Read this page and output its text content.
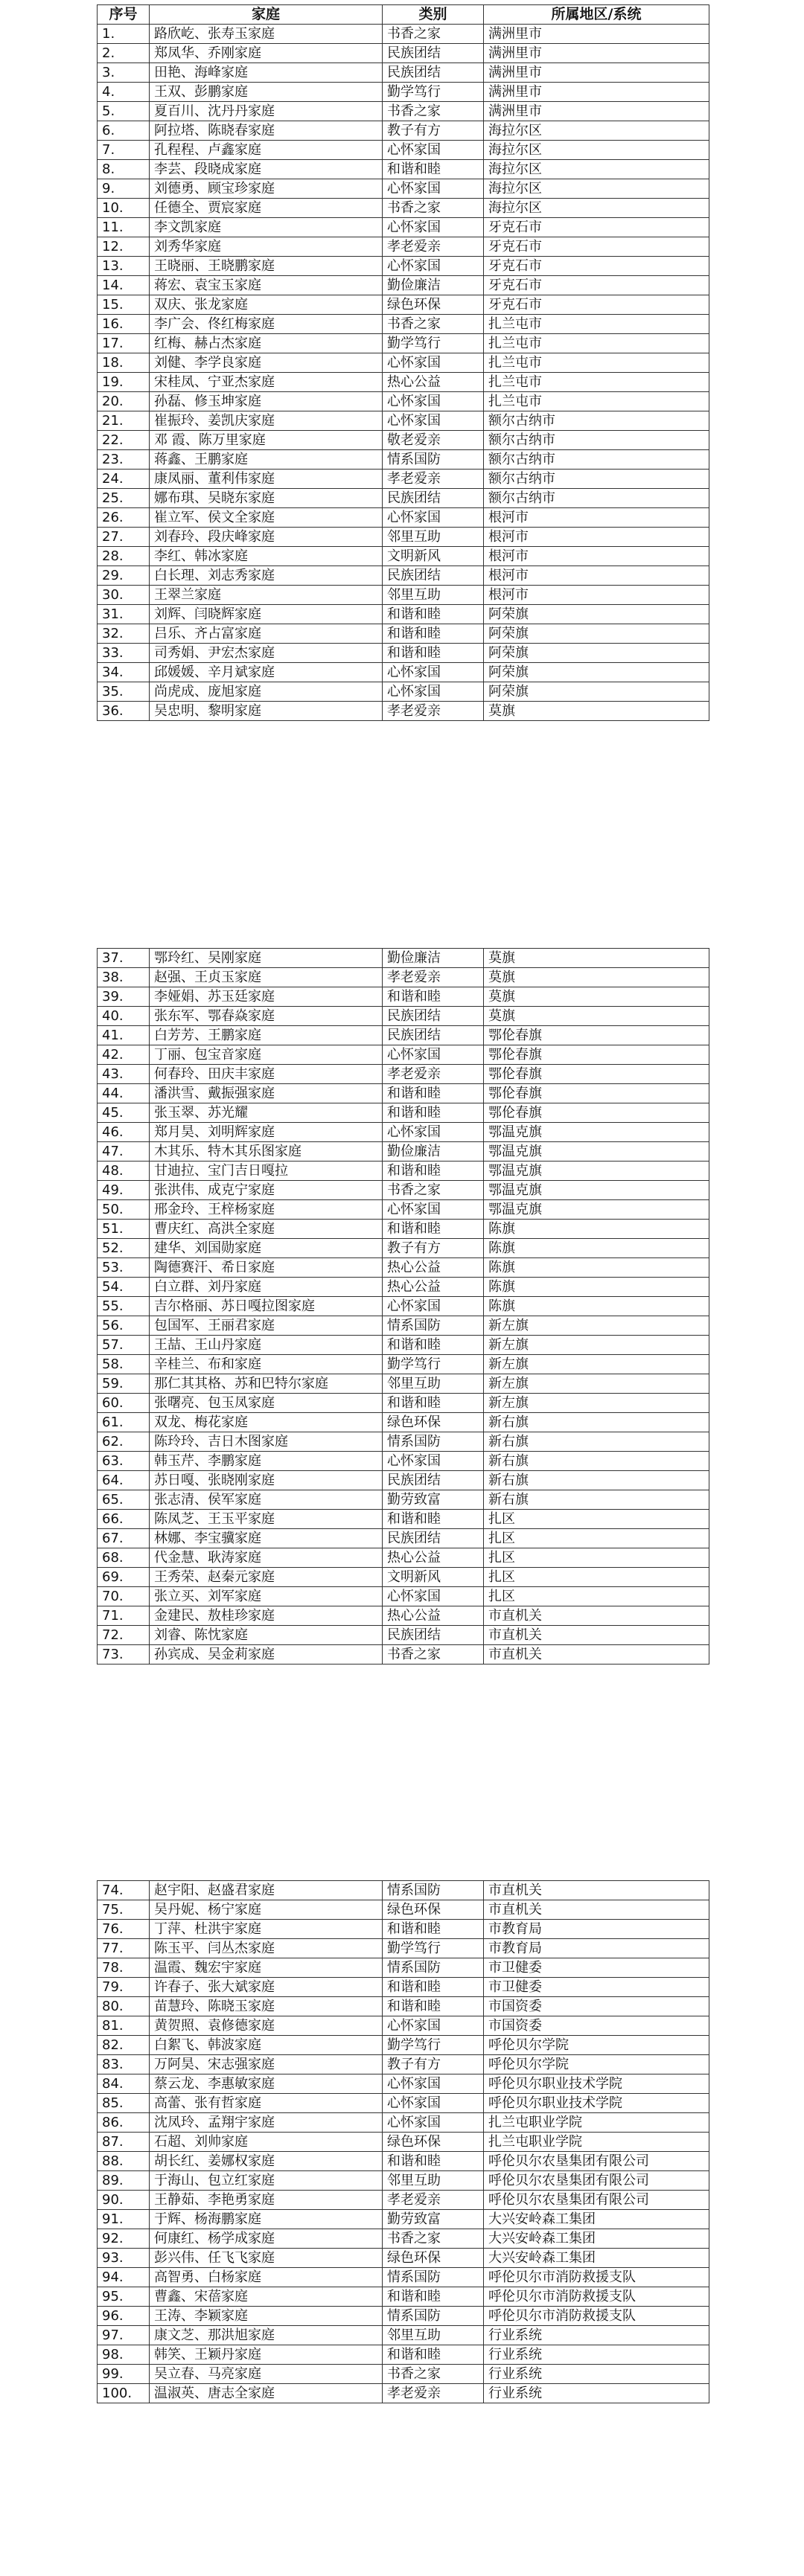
序号	家庭	类别	所属地区/系统
1.	路欣屹、张寿玉家庭	书香之家	满洲里市
2.	郑凤华、乔刚家庭	民族团结	满洲里市
3.	田艳、海峰家庭	民族团结	满洲里市
4.	王双、彭鹏家庭	勤学笃行	满洲里市
5.	夏百川、沈丹丹家庭	书香之家	满洲里市
6.	阿拉塔、陈晓春家庭	教子有方	海拉尔区
7.	孔程程、卢鑫家庭	心怀家国	海拉尔区
8.	李芸、段晓成家庭	和谐和睦	海拉尔区
9.	刘德勇、顾宝珍家庭	心怀家国	海拉尔区
10.	任德全、贾宸家庭	书香之家	海拉尔区
11.	李文凯家庭	心怀家国	牙克石市
12.	刘秀华家庭	孝老爱亲	牙克石市
13.	王晓丽、王晓鹏家庭	心怀家国	牙克石市
14.	蒋宏、袁宝玉家庭	勤俭廉洁	牙克石市
15.	双庆、张龙家庭	绿色环保	牙克石市
16.	李广会、佟红梅家庭	书香之家	扎兰屯市
17.	红梅、赫占杰家庭	勤学笃行	扎兰屯市
18.	刘健、李学良家庭	心怀家国	扎兰屯市
19.	宋桂凤、宁亚杰家庭	热心公益	扎兰屯市
20.	孙磊、修玉坤家庭	心怀家国	扎兰屯市
21.	崔振玲、姜凯庆家庭	心怀家国	额尔古纳市
22.	邓 霞、陈万里家庭	敬老爱亲	额尔古纳市
23.	蒋鑫、王鹏家庭	情系国防	额尔古纳市
24.	康凤丽、董利伟家庭	孝老爱亲	额尔古纳市
25.	娜布琪、吴晓东家庭	民族团结	额尔古纳市
26.	崔立军、侯文全家庭	心怀家国	根河市
27.	刘春玲、段庆峰家庭	邻里互助	根河市
28.	李红、韩冰家庭	文明新风	根河市
29.	白长理、刘志秀家庭	民族团结	根河市
30.	王翠兰家庭	邻里互助	根河市
31.	刘辉、闫晓辉家庭	和谐和睦	阿荣旗
32.	吕乐、齐占富家庭	和谐和睦	阿荣旗
33.	司秀娟、尹宏杰家庭	和谐和睦	阿荣旗
34.	邱媛媛、辛月斌家庭	心怀家国	阿荣旗
35.	尚虎成、庞旭家庭	心怀家国	阿荣旗
36.	吴忠明、黎明家庭	孝老爱亲	莫旗
37.	鄂玲红、吴刚家庭	勤俭廉洁	莫旗
38.	赵强、王贞玉家庭	孝老爱亲	莫旗
39.	李娅娟、苏玉廷家庭	和谐和睦	莫旗
40.	张东军、鄂春焱家庭	民族团结	莫旗
41.	白芳芳、王鹏家庭	民族团结	鄂伦春旗
42.	丁丽、包宝音家庭	心怀家国	鄂伦春旗
43.	何春玲、田庆丰家庭	孝老爱亲	鄂伦春旗
44.	潘洪雪、戴振强家庭	和谐和睦	鄂伦春旗
45.	张玉翠、苏光耀	和谐和睦	鄂伦春旗
46.	郑月昊、刘明辉家庭	心怀家国	鄂温克旗
47.	木其乐、特木其乐图家庭	勤俭廉洁	鄂温克旗
48.	甘迪拉、宝门吉日嘎拉	和谐和睦	鄂温克旗
49.	张洪伟、成克宁家庭	书香之家	鄂温克旗
50.	邢金玲、王梓杨家庭	心怀家国	鄂温克旗
51.	曹庆红、高洪全家庭	和谐和睦	陈旗
52.	建华、刘国勋家庭	教子有方	陈旗
53.	陶德赛汗、希日家庭	热心公益	陈旗
54.	白立群、刘丹家庭	热心公益	陈旗
55.	吉尔格丽、苏日嘎拉图家庭	心怀家国	陈旗
56.	包国军、王丽君家庭	情系国防	新左旗
57.	王喆、王山丹家庭	和谐和睦	新左旗
58.	辛桂兰、布和家庭	勤学笃行	新左旗
59.	那仁其其格、苏和巴特尔家庭	邻里互助	新左旗
60.	张曙亮、包玉凤家庭	和谐和睦	新左旗
61.	双龙、梅花家庭	绿色环保	新右旗
62.	陈玲玲、吉日木图家庭	情系国防	新右旗
63.	韩玉芹、李鹏家庭	心怀家国	新右旗
64.	苏日嘎、张晓刚家庭	民族团结	新右旗
65.	张志清、侯军家庭	勤劳致富	新右旗
66.	陈凤芝、王玉平家庭	和谐和睦	扎区
67.	林娜、李宝骥家庭	民族团结	扎区
68.	代金慧、耿涛家庭	热心公益	扎区
69.	王秀荣、赵秦元家庭	文明新风	扎区
70.	张立买、刘军家庭	心怀家国	扎区
71.	金建民、敖桂珍家庭	热心公益	市直机关
72.	刘睿、陈忱家庭	民族团结	市直机关
73.	孙宾成、吴金莉家庭	书香之家	市直机关
74.	赵宇阳、赵盛君家庭	情系国防	市直机关
75.	吴丹妮、杨宁家庭	绿色环保	市直机关
76.	丁萍、杜洪宇家庭	和谐和睦	市教育局
77.	陈玉平、闫丛杰家庭	勤学笃行	市教育局
78.	温霞、魏宏宇家庭	情系国防	市卫健委
79.	许春子、张大斌家庭	和谐和睦	市卫健委
80.	苗慧玲、陈晓玉家庭	和谐和睦	市国资委
81.	黄贺照、袁修德家庭	心怀家国	市国资委
82.	白絮飞、韩波家庭	勤学笃行	呼伦贝尔学院
83.	万阿昊、宋志强家庭	教子有方	呼伦贝尔学院
84.	蔡云龙、李惠敏家庭	心怀家国	呼伦贝尔职业技术学院
85.	高蕾、张有哲家庭	心怀家国	呼伦贝尔职业技术学院
86.	沈凤玲、孟翔宇家庭	心怀家国	扎兰屯职业学院
87.	石超、刘帅家庭	绿色环保	扎兰屯职业学院
88.	胡长红、姜娜权家庭	和谐和睦	呼伦贝尔农垦集团有限公司
89.	于海山、包立红家庭	邻里互助	呼伦贝尔农垦集团有限公司
90.	王静茹、李艳勇家庭	孝老爱亲	呼伦贝尔农垦集团有限公司
91.	于辉、杨海鹏家庭	勤劳致富	大兴安岭森工集团
92.	何康红、杨学成家庭	书香之家	大兴安岭森工集团
93.	彭兴伟、任飞飞家庭	绿色环保	大兴安岭森工集团
94.	高智勇、白杨家庭	情系国防	呼伦贝尔市消防救援支队
95.	曹鑫、宋蓓家庭	和谐和睦	呼伦贝尔市消防救援支队
96.	王涛、李颖家庭	情系国防	呼伦贝尔市消防救援支队
97.	康文芝、那洪旭家庭	邻里互助	行业系统
98.	韩笑、王颖丹家庭	和谐和睦	行业系统
99.	吴立春、马亮家庭	书香之家	行业系统
100.	温淑英、唐志全家庭	孝老爱亲	行业系统
